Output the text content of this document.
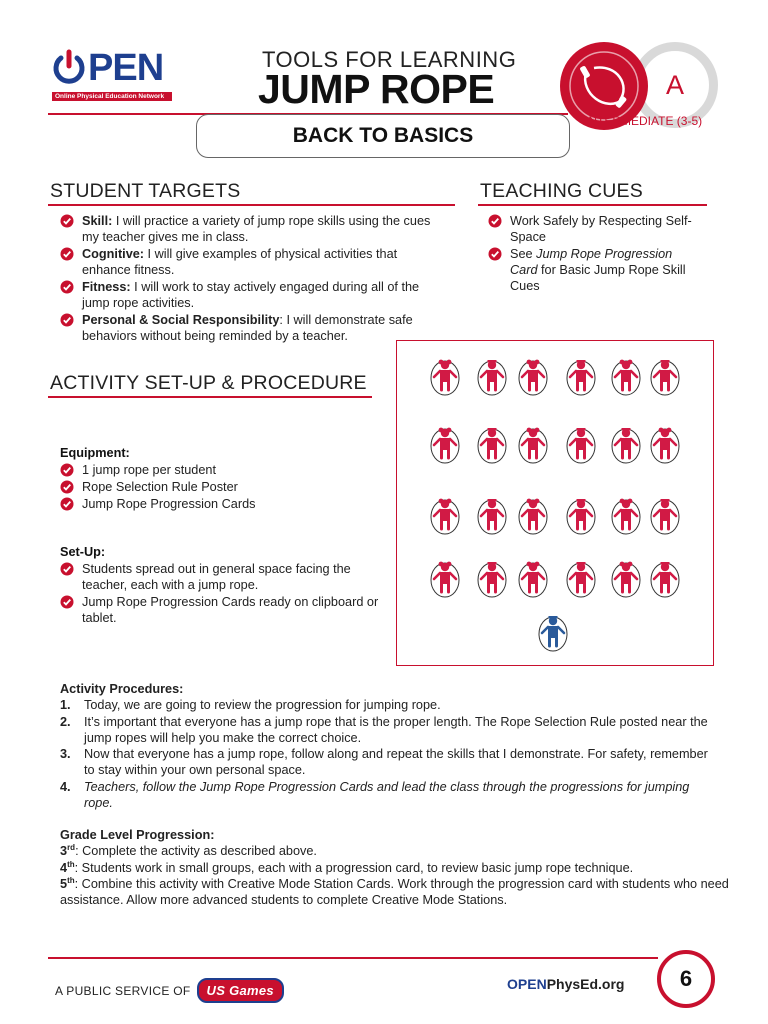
PEN
Online Physical Education Network
TOOLS FOR LEARNING
JUMP ROPE	A
INTERMEDIATE (3-5)
BACK TO BASICS
STUDENT TARGETS
Skill: I will practice a variety of jump rope skills using the cues my teacher gives me in class.
Cognitive: I will give examples of physical activities that enhance fitness.
Fitness: I will work to stay actively engaged during all of the jump rope activities.
Personal & Social Responsibility: I will demonstrate safe behaviors without being reminded by a teacher.
TEACHING CUES
Work Safely by Respecting Self-Space
See Jump Rope Progression Card for Basic Jump Rope Skill Cues
ACTIVITY SET-UP & PROCEDURE
Equipment:
1 jump rope per student
Rope Selection Rule Poster
Jump Rope Progression Cards
Set-Up:
Students spread out in general space facing the teacher, each with a jump rope.
Jump Rope Progression Cards ready on clipboard or tablet.
Activity Procedures:
1. Today, we are going to review the progression for jumping rope.
2. It’s important that everyone has a jump rope that is the proper length. The Rope Selection Rule posted near the jump ropes will help you make the correct choice.
3. Now that everyone has a jump rope, follow along and repeat the skills that I demonstrate. For safety, remember to stay within your own personal space.
4. Teachers, follow the Jump Rope Progression Cards and lead the class through the progressions for jumping rope.
Grade Level Progression:
3rd: Complete the activity as described above.
4th: Students work in small groups, each with a progression card, to review basic jump rope technique.
5th: Combine this activity with Creative Mode Station Cards. Work through the progression card with students who need assistance. Allow more advanced students to complete Creative Mode Stations.
A PUBLIC SERVICE OF	US Games	OPENPhysEd.org	6
